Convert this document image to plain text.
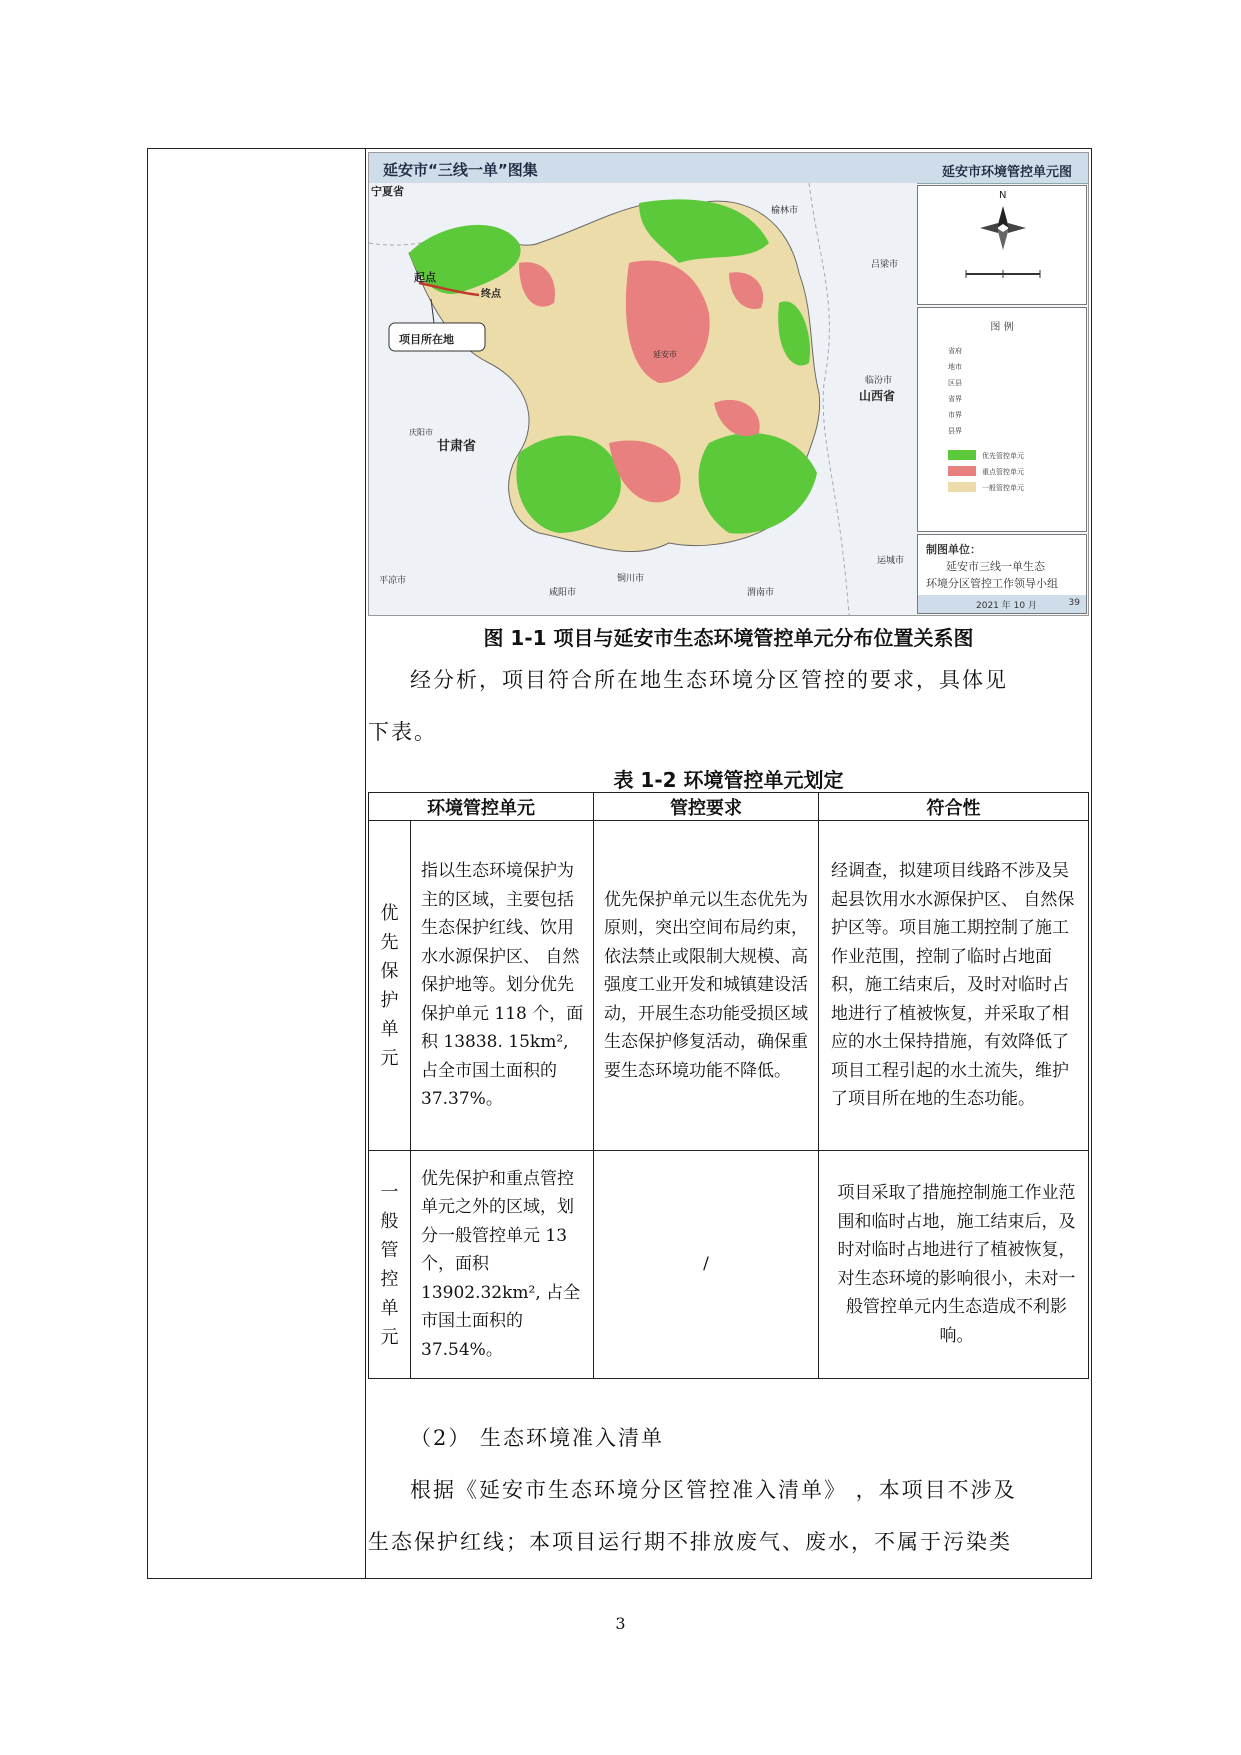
延安市“三线一单”图集	延安市环境管控单元图
宁夏省
起点
终点
项目所在地
甘肃省
庆阳市
山西省
临汾市
吕梁市
榆林市
运城市
平凉市
咸阳市
铜川市
渭南市
延安市
N
图 例
省府
地市
区县
省界
市界
县界
优先管控单元
重点管控单元
一般管控单元
制图单位：
延安市三线一单生态
环境分区管控工作领导小组
2021 年 10 月	39
图 1-1 项目与延安市生态环境管控单元分布位置关系图
经分析，项目符合所在地生态环境分区管控的要求，具体见
下表。
表 1-2 环境管控单元划定
环境管控单元		管控要求	符合性

优先保护单元	指以生态环境保护为主的区域，主要包括生态保护红线、饮用水水源保护区、 自然保护地等。划分优先保护单元 118 个，面积 13838. 15km², 占全市国土面积的 37.37%。	优先保护单元以生态优先为原则，突出空间布局约束，依法禁止或限制大规模、高强度工业开发和城镇建设活动，开展生态功能受损区域生态保护修复活动，确保重要生态环境功能不降低。	经调查，拟建项目线路不涉及吴起县饮用水水源保护区、 自然保护区等。项目施工期控制了施工作业范围，控制了临时占地面积，施工结束后，及时对临时占地进行了植被恢复，并采取了相应的水土保持措施，有效降低了项目工程引起的水土流失，维护了项目所在地的生态功能。

一般管控单元	优先保护和重点管控单元之外的区域，划分一般管控单元 13 个，面积 13902.32km², 占全市国土面积的 37.54%。	/	项目采取了措施控制施工作业范围和临时占地，施工结束后，及时对临时占地进行了植被恢复，对生态环境的影响很小，未对一般管控单元内生态造成不利影响。
（2） 生态环境准入清单
根据《延安市生态环境分区管控准入清单》 ，本项目不涉及
生态保护红线；本项目运行期不排放废气、废水，不属于污染类
3
